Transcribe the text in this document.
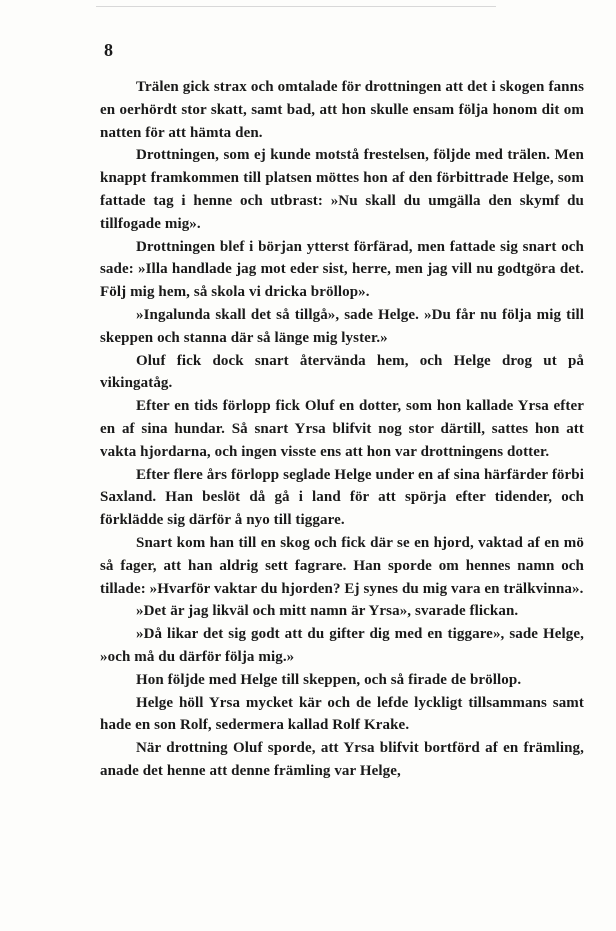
8

Trälen gick strax och omtalade för drottningen att det i skogen fanns en oerhördt stor skatt, samt bad, att hon skulle ensam följa honom dit om natten för att hämta den.

Drottningen, som ej kunde motstå frestelsen, följde med trälen. Men knappt framkommen till platsen möttes hon af den förbittrade Helge, som fattade tag i henne och utbrast: »Nu skall du umgälla den skymf du tillfogade mig».

Drottningen blef i början ytterst förfärad, men fattade sig snart och sade: »Illa handlade jag mot eder sist, herre, men jag vill nu godtgöra det. Följ mig hem, så skola vi dricka bröllop».

»Ingalunda skall det så tillgå», sade Helge. »Du får nu följa mig till skeppen och stanna där så länge mig lyster.»

Oluf fick dock snart återvända hem, och Helge drog ut på vikingatåg.

Efter en tids förlopp fick Oluf en dotter, som hon kallade Yrsa efter en af sina hundar. Så snart Yrsa blifvit nog stor därtill, sattes hon att vakta hjordarna, och ingen visste ens att hon var drottningens dotter.

Efter flere års förlopp seglade Helge under en af sina härfärder förbi Saxland. Han beslöt då gå i land för att spörja efter tidender, och förklädde sig därför å nyo till tiggare.

Snart kom han till en skog och fick där se en hjord, vaktad af en mö så fager, att han aldrig sett fagrare. Han sporde om hennes namn och tillade: »Hvarför vaktar du hjorden? Ej synes du mig vara en trälkvinna».

»Det är jag likväl och mitt namn är Yrsa», svarade flickan.

»Då likar det sig godt att du gifter dig med en tiggare», sade Helge, »och må du därför följa mig.»

Hon följde med Helge till skeppen, och så firade de bröllop.

Helge höll Yrsa mycket kär och de lefde lyckligt tillsammans samt hade en son Rolf, sedermera kallad Rolf Krake.

När drottning Oluf sporde, att Yrsa blifvit bortförd af en främling, anade det henne att denne främling var Helge,
